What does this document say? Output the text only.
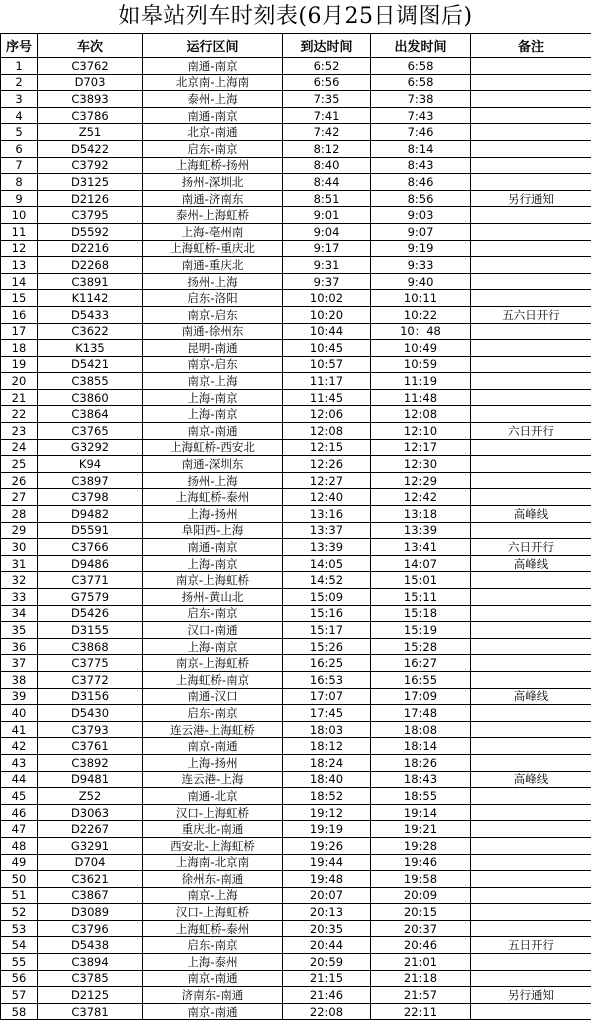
如皋站列车时刻表(6月25日调图后)
序号	车次	运行区间	到达时间	出发时间	备注
1	C3762	南通-南京	6:52	6:58	
2	D703	北京南-上海南	6:56	6:58	
3	C3893	泰州-上海	7:35	7:38	
4	C3786	南通-南京	7:41	7:43	
5	Z51	北京-南通	7:42	7:46	
6	D5422	启东-南京	8:12	8:14	
7	C3792	上海虹桥-扬州	8:40	8:43	
8	D3125	扬州-深圳北	8:44	8:46	
9	D2126	南通-济南东	8:51	8:56	另行通知
10	C3795	泰州-上海虹桥	9:01	9:03	
11	D5592	上海-亳州南	9:04	9:07	
12	D2216	上海虹桥-重庆北	9:17	9:19	
13	D2268	南通-重庆北	9:31	9:33	
14	C3891	扬州-上海	9:37	9:40	
15	K1142	启东-洛阳	10:02	10:11	
16	D5433	南京-启东	10:20	10:22	五六日开行
17	C3622	南通-徐州东	10:44	10：48	
18	K135	昆明-南通	10:45	10:49	
19	D5421	南京-启东	10:57	10:59	
20	C3855	南京-上海	11:17	11:19	
21	C3860	上海-南京	11:45	11:48	
22	C3864	上海-南京	12:06	12:08	
23	C3765	南京-南通	12:08	12:10	六日开行
24	G3292	上海虹桥-西安北	12:15	12:17	
25	K94	南通-深圳东	12:26	12:30	
26	C3897	扬州-上海	12:27	12:29	
27	C3798	上海虹桥-泰州	12:40	12:42	
28	D9482	上海-扬州	13:16	13:18	高峰线
29	D5591	阜阳西-上海	13:37	13:39	
30	C3766	南通-南京	13:39	13:41	六日开行
31	D9486	上海-南京	14:05	14:07	高峰线
32	C3771	南京-上海虹桥	14:52	15:01	
33	G7579	扬州-黄山北	15:09	15:11	
34	D5426	启东-南京	15:16	15:18	
35	D3155	汉口-南通	15:17	15:19	
36	C3868	上海-南京	15:26	15:28	
37	C3775	南京-上海虹桥	16:25	16:27	
38	C3772	上海虹桥-南京	16:53	16:55	
39	D3156	南通-汉口	17:07	17:09	高峰线
40	D5430	启东-南京	17:45	17:48	
41	C3793	连云港-上海虹桥	18:03	18:08	
42	C3761	南京-南通	18:12	18:14	
43	C3892	上海-扬州	18:24	18:26	
44	D9481	连云港-上海	18:40	18:43	高峰线
45	Z52	南通-北京	18:52	18:55	
46	D3063	汉口-上海虹桥	19:12	19:14	
47	D2267	重庆北-南通	19:19	19:21	
48	G3291	西安北-上海虹桥	19:26	19:28	
49	D704	上海南-北京南	19:44	19:46	
50	C3621	徐州东-南通	19:48	19:58	
51	C3867	南京-上海	20:07	20:09	
52	D3089	汉口-上海虹桥	20:13	20:15	
53	C3796	上海虹桥-泰州	20:35	20:37	
54	D5438	启东-南京	20:44	20:46	五日开行
55	C3894	上海-泰州	20:59	21:01	
56	C3785	南京-南通	21:15	21:18	
57	D2125	济南东-南通	21:46	21:57	另行通知
58	C3781	南京-南通	22:08	22:11	
